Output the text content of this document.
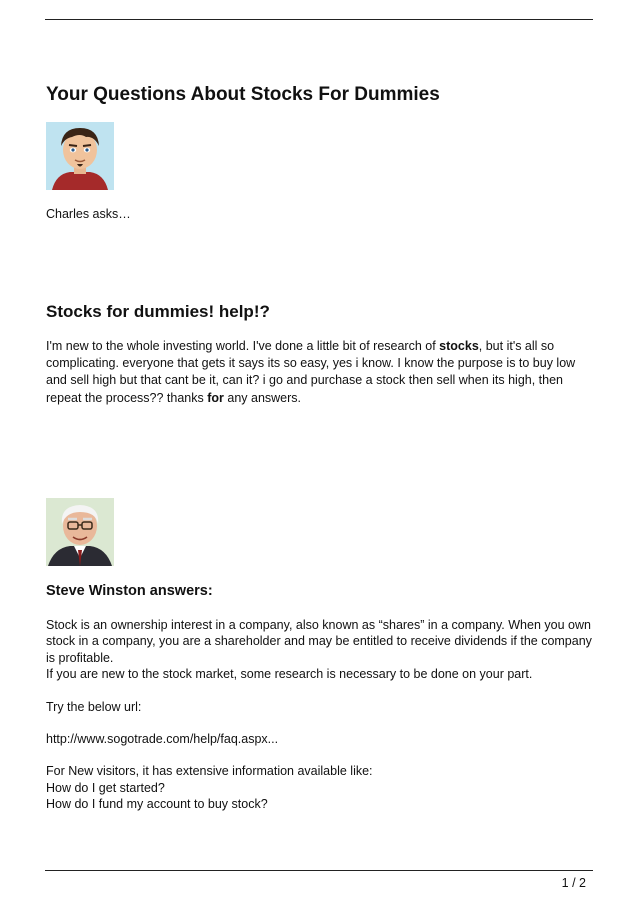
Your Questions About Stocks For Dummies
Charles asks…
Stocks for dummies! help!?

I'm new to the whole investing world. I've done a little bit of research of stocks, but it's all so complicating. everyone that gets it says its so easy, yes i know. I know the purpose is to buy low and sell high but that cant be it, can it? i go and purchase a stock then sell when its high, then repeat the process?? thanks for any answers.

Steve Winston answers:

Stock is an ownership interest in a company, also known as “shares” in a company. When you own stock in a company, you are a shareholder and may be entitled to receive dividends if the company is profitable.

If you are new to the stock market, some research is necessary to be done on your part.

Try the below url:

http://www.sogotrade.com/help/faq.aspx...

For New visitors, it has extensive information available like:

How do I get started?

How do I fund my account to buy stock?

1 / 2
